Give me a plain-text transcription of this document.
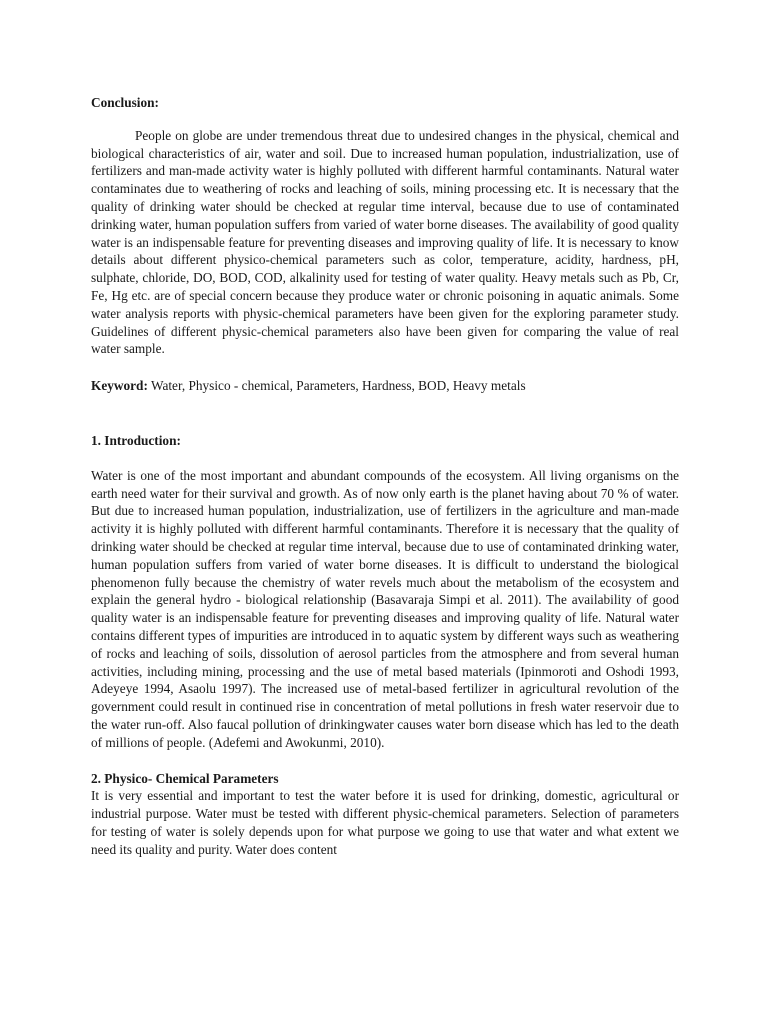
Conclusion:

People on globe are under tremendous threat due to undesired changes in the physical, chemical and biological characteristics of air, water and soil. Due to increased human population, industrialization, use of fertilizers and man-made activity water is highly polluted with different harmful contaminants. Natural water contaminates due to weathering of rocks and leaching of soils, mining processing etc. It is necessary that the quality of drinking water should be checked at regular time interval, because due to use of contaminated drinking water, human population suffers from varied of water borne diseases. The availability of good quality water is an indispensable feature for preventing diseases and improving quality of life. It is necessary to know details about different physico-chemical parameters such as color, temperature, acidity, hardness, pH, sulphate, chloride, DO, BOD, COD, alkalinity used for testing of water quality. Heavy metals such as Pb, Cr, Fe, Hg etc. are of special concern because they produce water or chronic poisoning in aquatic animals. Some water analysis reports with physic-chemical parameters have been given for the exploring parameter study. Guidelines of different physic-chemical parameters also have been given for comparing the value of real water sample.

Keyword: Water, Physico - chemical, Parameters, Hardness, BOD, Heavy metals

1. Introduction:

Water is one of the most important and abundant compounds of the ecosystem. All living organisms on the earth need water for their survival and growth. As of now only earth is the planet having about 70 % of water. But due to increased human population, industrialization, use of fertilizers in the agriculture and man-made activity it is highly polluted with different harmful contaminants. Therefore it is necessary that the quality of drinking water should be checked at regular time interval, because due to use of contaminated drinking water, human population suffers from varied of water borne diseases. It is difficult to understand the biological phenomenon fully because the chemistry of water revels much about the metabolism of the ecosystem and explain the general hydro - biological relationship (Basavaraja Simpi et al. 2011). The availability of good quality water is an indispensable feature for preventing diseases and improving quality of life. Natural water contains different types of impurities are introduced in to aquatic system by different ways such as weathering of rocks and leaching of soils, dissolution of aerosol particles from the atmosphere and from several human activities, including mining, processing and the use of metal based materials (Ipinmoroti and Oshodi 1993, Adeyeye 1994, Asaolu 1997). The increased use of metal-based fertilizer in agricultural revolution of the government could result in continued rise in concentration of metal pollutions in fresh water reservoir due to the water run-off. Also faucal pollution of drinkingwater causes water born disease which has led to the death of millions of people. (Adefemi and Awokunmi, 2010).

2. Physico- Chemical Parameters

It is very essential and important to test the water before it is used for drinking, domestic, agricultural or industrial purpose. Water must be tested with different physic-chemical parameters. Selection of parameters for testing of water is solely depends upon for what purpose we going to use that water and what extent we need its quality and purity. Water does content
